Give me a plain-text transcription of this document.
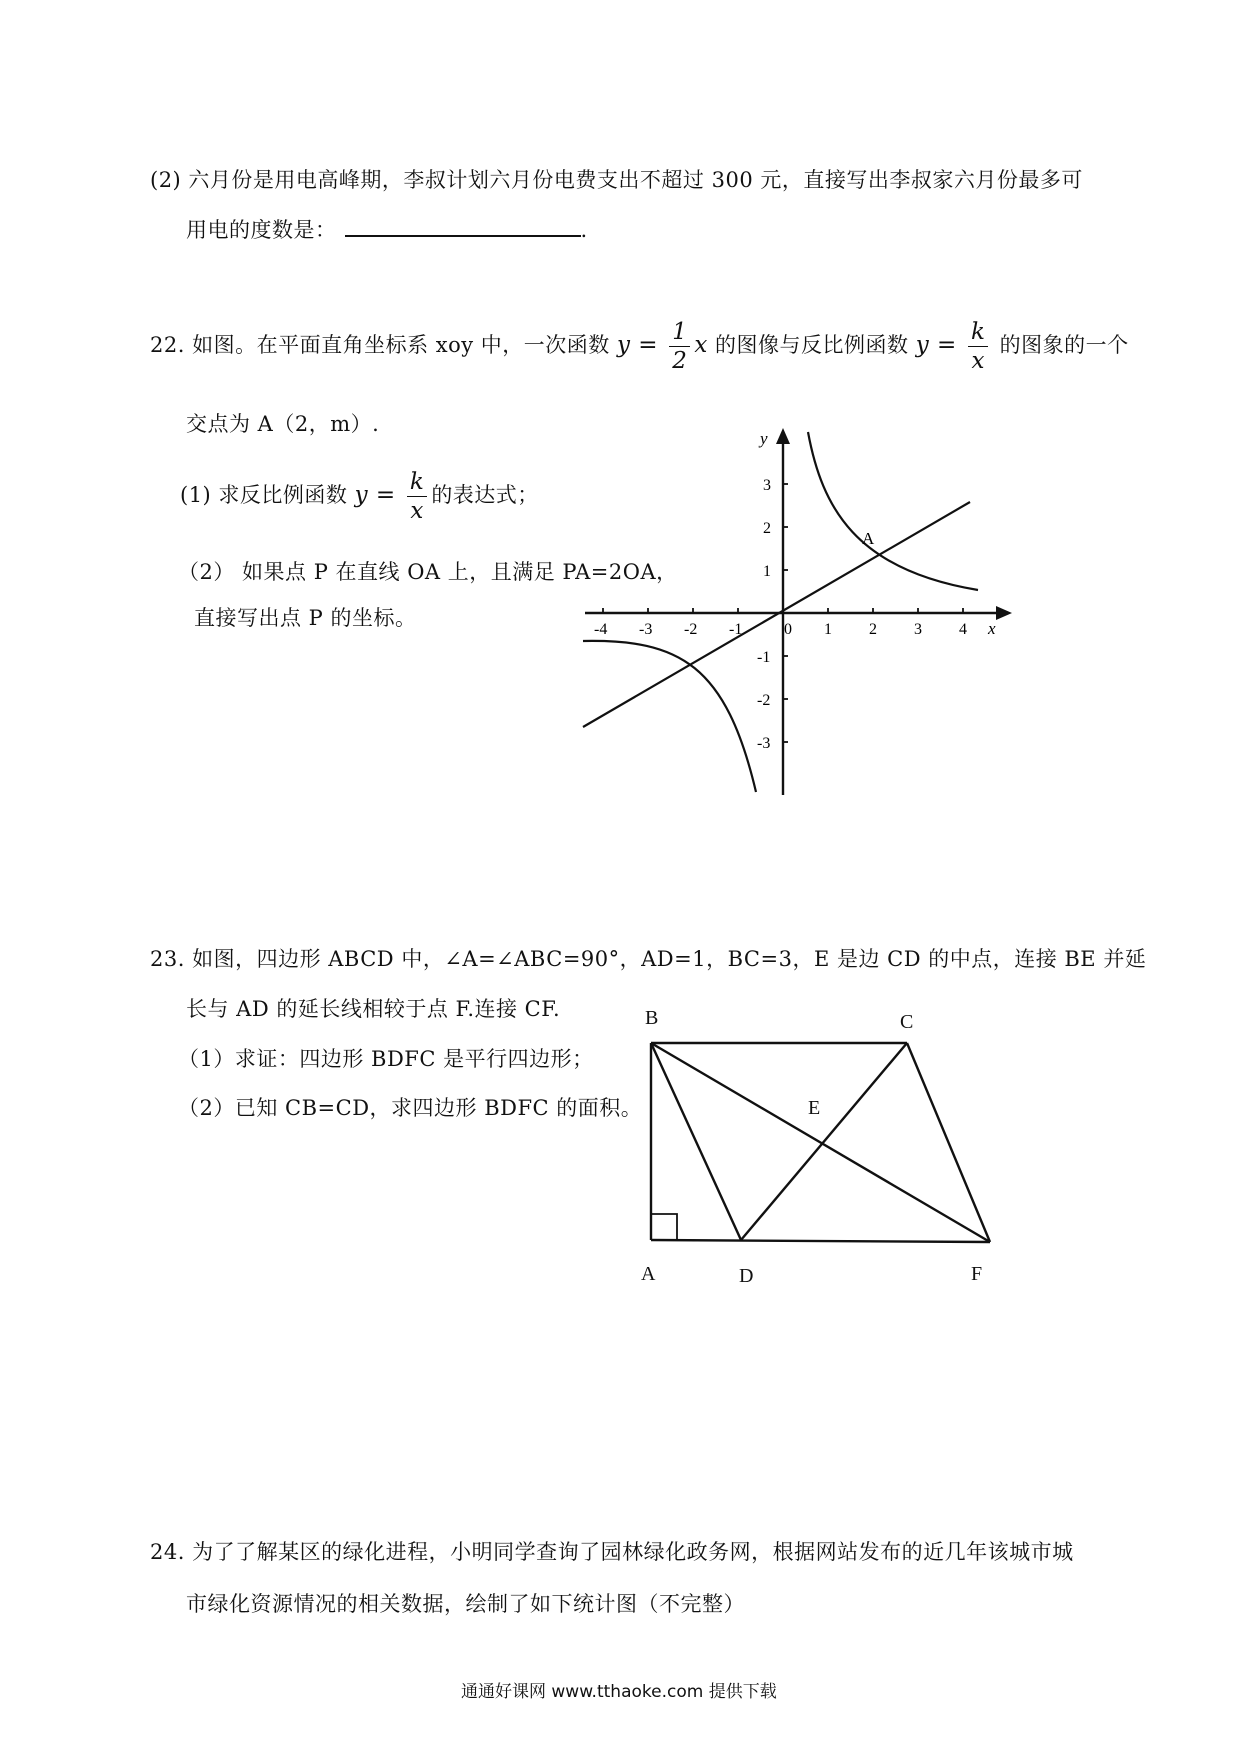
(2) 六月份是用电高峰期，李叔计划六月份电费支出不超过 300 元，直接写出李叔家六月份最多可
用电的度数是：	.
22. 如图。在平面直角坐标系 xoy 中，一次函数 $y = \frac{1}{2}$ x 的图像与反比例函数 $y = \frac{k}{x}$ 的图象的一个
交点为 A（2，m）.
(1) 求反比例函数 $y = \frac{k}{x}$ 的表达式；
（2） 如果点 P 在直线 OA 上，且满足 PA=2OA，
直接写出点 P 的坐标。
y
x
0
A
-4 -3 -2 -1	1 2 3 4
3
2
1
-1
-2
-3
23. 如图，四边形 ABCD 中，∠A=∠ABC=90°，AD=1，BC=3，E 是边 CD 的中点，连接 BE 并延
长与 AD 的延长线相较于点 F.连接 CF.
（1）求证：四边形 BDFC 是平行四边形；
（2）已知 CB=CD，求四边形 BDFC 的面积。
B	C
E
A	D	F
24. 为了了解某区的绿化进程，小明同学查询了园林绿化政务网，根据网站发布的近几年该城市城
市绿化资源情况的相关数据，绘制了如下统计图（不完整）
通通好课网 www.tthaoke.com 提供下载
